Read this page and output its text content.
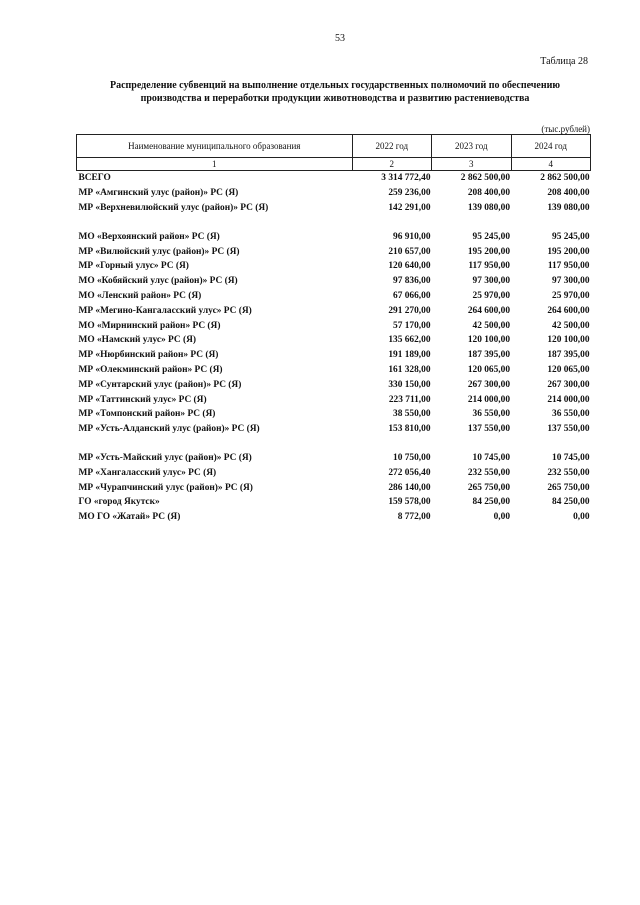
53
Таблица 28
Распределение субвенций на выполнение отдельных государственных полномочий по обеспечению производства и переработки продукции животноводства и развитию растениеводства
(тыс.рублей)
Наименование муниципального образования	2022 год	2023 год	2024 год
1	2	3	4
ВСЕГО	3 314 772,40	2 862 500,00	2 862 500,00
МР «Амгинский улус (район)» РС (Я)	259 236,00	208 400,00	208 400,00
МР «Верхневилюйский улус (район)» РС (Я)	142 291,00	139 080,00	139 080,00

МО «Верхоянский район» РС (Я)	96 910,00	95 245,00	95 245,00
МР «Вилюйский улус (район)» РС (Я)	210 657,00	195 200,00	195 200,00
МР «Горный улус» РС (Я)	120 640,00	117 950,00	117 950,00
МО «Кобяйский улус (район)» РС (Я)	97 836,00	97 300,00	97 300,00
МО «Ленский район» РС (Я)	67 066,00	25 970,00	25 970,00
МР «Мегино-Кангаласский улус» РС (Я)	291 270,00	264 600,00	264 600,00
МО «Мирнинский район» РС (Я)	57 170,00	42 500,00	42 500,00
МО «Намский улус» РС (Я)	135 662,00	120 100,00	120 100,00
МР «Нюрбинский район» РС (Я)	191 189,00	187 395,00	187 395,00
МР «Олекминский район» РС (Я)	161 328,00	120 065,00	120 065,00
МР «Сунтарский улус (район)» РС (Я)	330 150,00	267 300,00	267 300,00
МР «Таттинский улус» РС (Я)	223 711,00	214 000,00	214 000,00
МР «Томпонский район» РС (Я)	38 550,00	36 550,00	36 550,00
МР «Усть-Алданский улус (район)» РС (Я)	153 810,00	137 550,00	137 550,00

МР «Усть-Майский улус (район)» РС (Я)	10 750,00	10 745,00	10 745,00
МР «Хангаласский улус» РС (Я)	272 056,40	232 550,00	232 550,00
МР «Чурапчинский улус (район)» РС (Я)	286 140,00	265 750,00	265 750,00
ГО «город Якутск»	159 578,00	84 250,00	84 250,00
МО ГО «Жатай» РС (Я)	8 772,00	0,00	0,00
